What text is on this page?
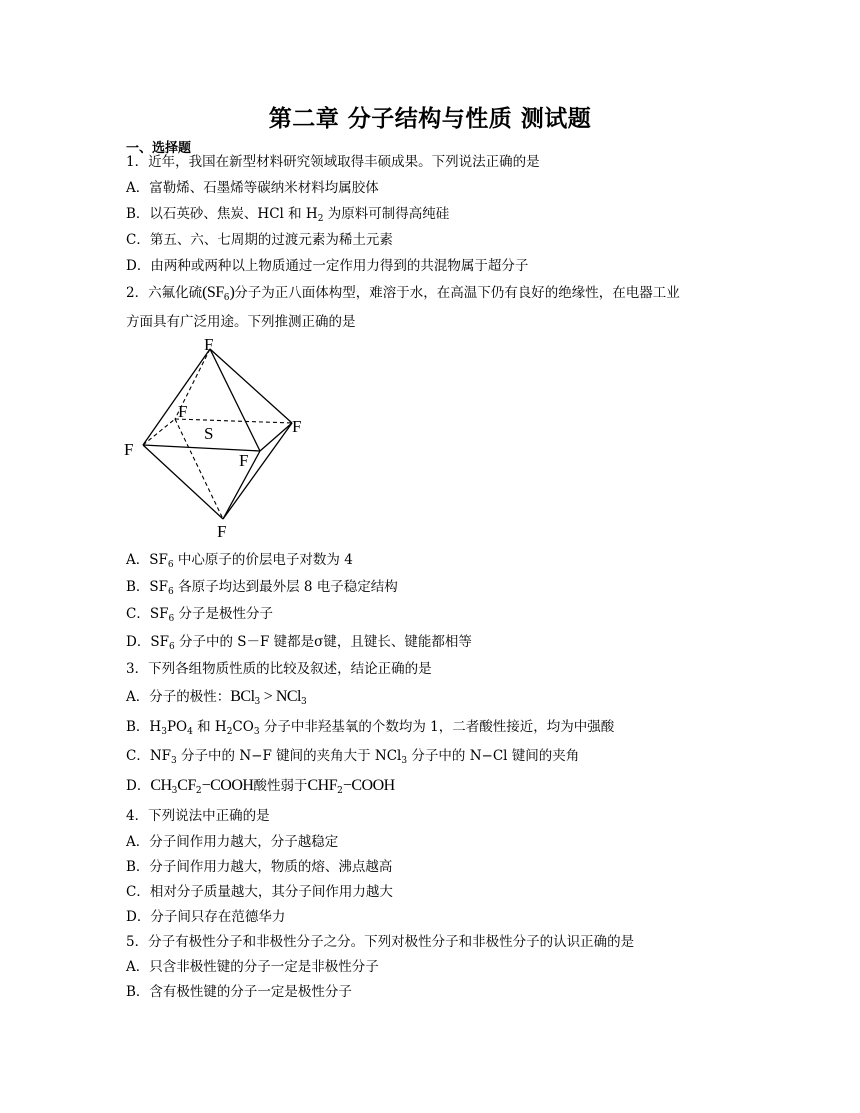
第二章 分子结构与性质 测试题
一、选择题
1．近年，我国在新型材料研究领域取得丰硕成果。下列说法正确的是
A．富勒烯、石墨烯等碳纳米材料均属胶体
B．以石英砂、焦炭、HCl 和 $H_2$ 为原料可制得高纯硅
C．第五、六、七周期的过渡元素为稀土元素
D．由两种或两种以上物质通过一定作用力得到的共混物属于超分子
2．六氟化硫$(SF_6)$分子为正八面体构型，难溶于水，在高温下仍有良好的绝缘性，在电器工业
方面具有广泛用途。下列推测正确的是
F
F
S	F
F
F
F
A．$SF_6$ 中心原子的价层电子对数为 4
B．$SF_6$ 各原子均达到最外层 8 电子稳定结构
C．$SF_6$ 分子是极性分子
D．$SF_6$ 分子中的 S－F 键都是σ键，且键长、键能都相等
3．下列各组物质性质的比较及叙述，结论正确的是
A．分子的极性：BCl$_3$ > NCl$_3$
B．$H_3PO_4$ 和 $H_2CO_3$ 分子中非羟基氧的个数均为 1，二者酸性接近，均为中强酸
C．$NF_3$ 分子中的 N−F 键间的夹角大于 NCl$_3$ 分子中的 N−Cl 键间的夹角
D．$CH_3CF_2-COOH$酸性弱于$CHF_2-COOH$
4．下列说法中正确的是
A．分子间作用力越大，分子越稳定
B．分子间作用力越大，物质的熔、沸点越高
C．相对分子质量越大，其分子间作用力越大
D．分子间只存在范德华力
5．分子有极性分子和非极性分子之分。下列对极性分子和非极性分子的认识正确的是
A．只含非极性键的分子一定是非极性分子
B．含有极性键的分子一定是极性分子
